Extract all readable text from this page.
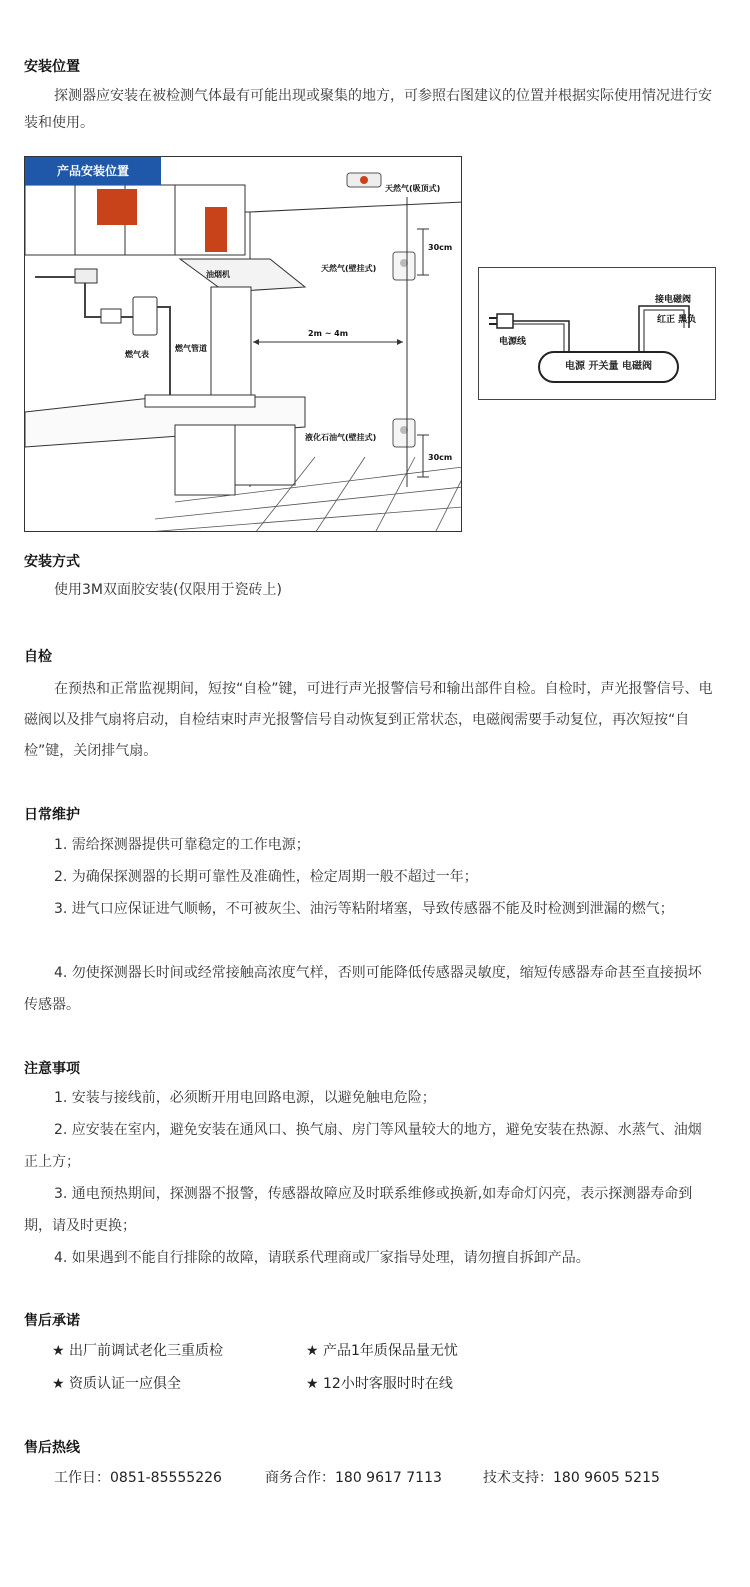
安装位置
探测器应安装在被检测气体最有可能出现或聚集的地方，可参照右图建议的位置并根据实际使用情况进行安装和使用。
产品安装位置
天然气(吸顶式)
天然气(壁挂式)
液化石油气(壁挂式)
30cm
30cm
2m ~ 4m
油烟机
燃气表
燃气管道
电源线
接电磁阀
红正 黑负
电源 开关量 电磁阀
安装方式
使用3M双面胶安装(仅限用于瓷砖上)
自检
在预热和正常监视期间，短按“自检”键，可进行声光报警信号和输出部件自检。自检时，声光报警信号、电磁阀以及排气扇将启动，自检结束时声光报警信号自动恢复到正常状态，电磁阀需要手动复位，再次短按“自检”键，关闭排气扇。
日常维护
1. 需给探测器提供可靠稳定的工作电源；
2. 为确保探测器的长期可靠性及准确性，检定周期一般不超过一年；
3. 进气口应保证进气顺畅，不可被灰尘、油污等粘附堵塞，导致传感器不能及时检测到泄漏的燃气；
4. 勿使探测器长时间或经常接触高浓度气样，否则可能降低传感器灵敏度，缩短传感器寿命甚至直接损坏传感器。
注意事项
1. 安装与接线前，必须断开用电回路电源，以避免触电危险；
2. 应安装在室内，避免安装在通风口、换气扇、房门等风量较大的地方，避免安装在热源、水蒸气、油烟正上方；
3. 通电预热期间，探测器不报警，传感器故障应及时联系维修或换新,如寿命灯闪亮，表示探测器寿命到期，请及时更换；
4. 如果遇到不能自行排除的故障，请联系代理商或厂家指导处理，请勿擅自拆卸产品。
售后承诺
★ 出厂前调试老化三重质检	★ 产品1年质保品量无忧
★ 资质认证一应俱全	★ 12小时客服时时在线
售后热线
工作日：0851-85555226	商务合作：180 9617 7113	技术支持：180 9605 5215
